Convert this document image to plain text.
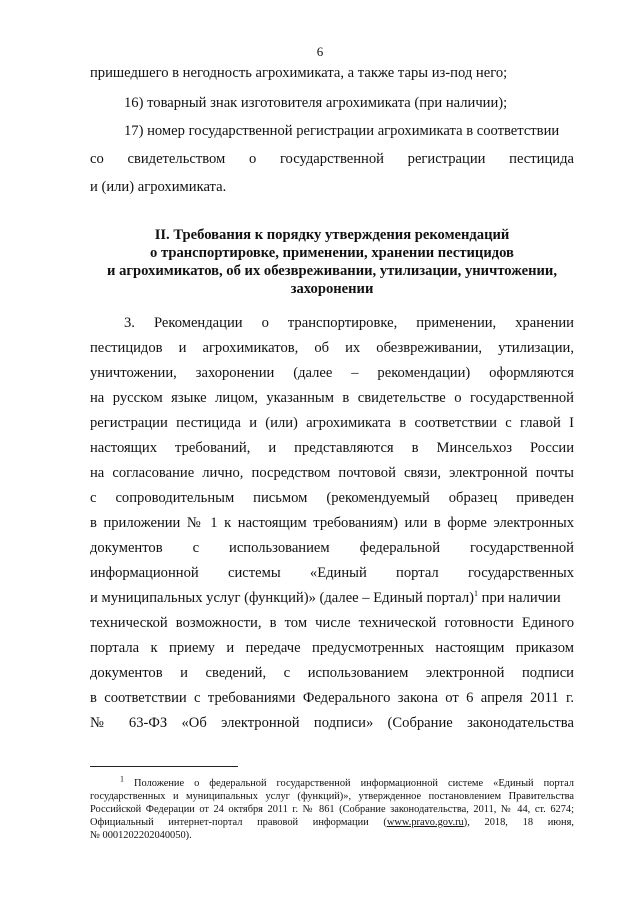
6
пришедшего в негодность агрохимиката, а также тары из-под него;
16) товарный знак изготовителя агрохимиката (при наличии);
17) номер государственной регистрации агрохимиката в соответствии
со свидетельством о государственной регистрации пестицида
и (или) агрохимиката.
II. Требования к порядку утверждения рекомендаций
о транспортировке, применении, хранении пестицидов
и агрохимикатов, об их обезвреживании, утилизации, уничтожении,
захоронении
3. Рекомендации о транспортировке, применении, хранении
пестицидов и агрохимикатов, об их обезвреживании, утилизации,
уничтожении, захоронении (далее – рекомендации) оформляются
на русском языке лицом, указанным в свидетельстве о государственной
регистрации пестицида и (или) агрохимиката в соответствии с главой I
настоящих требований, и представляются в Минсельхоз России
на согласование лично, посредством почтовой связи, электронной почты
с сопроводительным письмом (рекомендуемый образец приведен
в приложении № 1 к настоящим требованиям) или в форме электронных
документов с использованием федеральной государственной
информационной системы «Единый портал государственных
и муниципальных услуг (функций)» (далее – Единый портал)$^1$ при наличии
технической возможности, в том числе технической готовности Единого
портала к приему и передаче предусмотренных настоящим приказом
документов и сведений, с использованием электронной подписи
в соответствии с требованиями Федерального закона от 6 апреля 2011 г.
№ 63-ФЗ «Об электронной подписи» (Собрание законодательства
$^1$ Положение о федеральной государственной информационной системе «Единый портал
государственных и муниципальных услуг (функций)», утвержденное постановлением Правительства
Российской Федерации от 24 октября 2011 г. № 861 (Собрание законодательства, 2011, № 44, ст. 6274;
Официальный интернет-портал правовой информации (www.pravo.gov.ru), 2018, 18 июня,
№ 0001202202040050).
